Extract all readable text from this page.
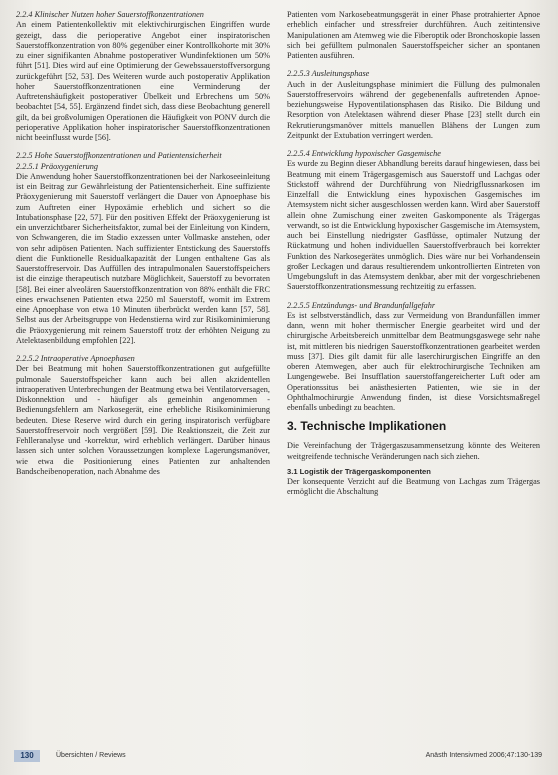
2.2.4 Klinischer Nutzen hoher Sauerstoffkonzentrationen

An einem Patientenkollektiv mit elektivchirurgischen Eingriffen wurde gezeigt, dass die perioperative Angebot einer inspiratorischen Sauerstoffkonzentration von 80% gegenüber einer Kontrollkohorte mit 30% zu einer signifikanten Abnahme postoperativer Wundinfektionen um 50% führt [51]. Dies wird auf eine Optimierung der Gewebssauerstoffversorgung zurückgeführt [52, 53]. Des Weiteren wurde auch postoperativ Applikation hoher Sauerstoffkonzentrationen eine Verminderung der Auftretenshäufigkeit postoperativer Übelkeit und Erbrechens um 50% beobachtet [54, 55]. Ergänzend findet sich, dass diese Beobachtung generell gilt, da bei großvolumigen Operationen die Häufigkeit von PONV durch die perioperative Applikation hoher inspiratorischer Sauerstoffkonzentrationen nicht beeinflusst wurde [56].

2.2.5 Hohe Sauerstoffkonzentrationen und Patientensicherheit

2.2.5.1 Präoxygenierung

Die Anwendung hoher Sauerstoffkonzentrationen bei der Narkoseeinleitung ist ein Beitrag zur Gewährleistung der Patientensicherheit. Eine suffiziente Präoxygenierung mit Sauerstoff verlängert die Dauer von Apnoephase bis zum Auftreten einer Hypoxämie erheblich und sichert so die Intubationsphase [22, 57]. Für den positiven Effekt der Präoxygenierung ist ein unverzichtbarer Sicherheitsfaktor, zumal bei der Einleitung von Kindern, von Schwangeren, die im Stadio exzessen unter Vollmaske anstehen, oder von sehr adipösen Patienten. Nach suffizienter Entstickung des Sauerstoffs dient die Funktionelle Residualkapazität der Lungen enthaltene Gas als Sauerstoffreservoir. Das Auffüllen des intrapulmonalen Sauerstoffspeichers ist die einzige therapeutisch nutzbare Möglichkeit, Sauerstoff zu bevorraten [58]. Bei einer alveolären Sauerstoffkonzentration von 88% enthält die FRC eines erwachsenen Patienten etwa 2250 ml Sauerstoff, womit im Extrem eine Apnoephase von etwa 10 Minuten überbrückt werden kann [57, 58]. Selbst aus der Arbeitsgruppe von Hedenstierna wird zur Risikominimierung die Präoxygenierung mit reinem Sauerstoff trotz der erhöhten Neigung zu Atelektasenbildung empfohlen [22].

2.2.5.2 Intraoperative Apnoephasen

Der bei Beatmung mit hohen Sauerstoffkonzentrationen gut aufgefüllte pulmonale Sauerstoffspeicher kann auch bei allen akzidentellen intraoperativen Unterbrechungen der Beatmung etwa bei Ventilatorversagen, Diskonnektion und - häufiger als gemeinhin angenommen - Bedienungsfehlern am Narkosegerät, eine erhebliche Risikominimierung bedeuten. Diese Reserve wird durch ein gering inspiratorisch verfügbare Sauerstoffreservoir noch vergrößert [59]. Die Reaktionszeit, die Zeit zur Fehlleranalyse und -korrektur, wird erheblich verlängert. Darüber hinaus lassen sich unter solchen Voraussetzungen komplexe Lagerungsmanöver, wie etwa die Positionierung eines Patienten zur anhaltenden Bandscheibenoperation, nach Abnahme des

Patienten vom Narkosebeatmungsgerät in einer Phase protrahierter Apnoe erheblich einfacher und stressfreier durchführen. Auch zeitintensive Manipulationen am Atemweg wie die Fiberoptik oder Bronchoskopie lassen sich bei gefülltem pulmonalen Sauerstoffspeicher sicher an spontanen Patienten ausführen.

2.2.5.3 Ausleitungsphase

Auch in der Ausleitungsphase minimiert die Füllung des pulmonalen Sauerstoffreservoirs während der gegebenenfalls auftretenden Apnoe- beziehungsweise Hypoventilationsphasen das Risiko. Die Bildung und Resorption von Atelektasen während dieser Phase [23] stellt durch ein Rekrutierungsmanöver mittels manuellen Blähens der Lungen zum Zeitpunkt der Extubation verringert werden.

2.2.5.4 Entwicklung hypoxischer Gasgemische

Es wurde zu Beginn dieser Abhandlung bereits darauf hingewiesen, dass bei Beatmung mit einem Trägergasgemisch aus Sauerstoff und Lachgas oder Stickstoff während der Durchführung von Niedrigflussnarkosen im Einzelfall die Entwicklung eines hypoxischen Gasgemisches im Atemsystem nicht sicher ausgeschlossen werden kann. Wird aber Sauerstoff allein ohne Zumischung einer zweiten Gaskomponente als Trägergas verwandt, so ist die Entwicklung hypoxischer Gasgemische im Atemsystem, auch bei Einstellung niedrigster Gasflüsse, optimaler Nutzung der Rückatmung und hohen individuellen Sauerstoffverbrauch bei korrekter Funktion des Narkosegerätes unmöglich. Dies wäre nur bei Vorhandensein großer Leckagen und daraus resultierendem unkontrollierten Eintreten von Umgebungsluft in das Atemsystem denkbar, aber mit der vorgeschriebenen Sauerstoffkonzentrationsmessung rechtzeitig zu erfassen.

2.2.5.5 Entzündungs- und Brandunfallgefahr

Es ist selbstverständlich, dass zur Vermeidung von Brandunfällen immer dann, wenn mit hoher thermischer Energie gearbeitet wird und der chirurgische Arbeitsbereich unmittelbar dem Beatmungsgaswege sehr nahe ist, mit mittleren bis niedrigen Sauerstoffkonzentrationen gearbeitet werden muss [37]. Dies gilt damit für alle laserchirurgischen Eingriffe an den oberen Atemwegen, aber auch für elektrochirurgische Techniken am Lungengewebe. Bei Insufflation sauerstoffangereicherter Luft oder am Operationssitus bei anästhesierten Patienten, wie sie in der Ophthalmochirurgie Anwendung finden, ist diese Vorsichtsmaßregel ebenfalls unbedingt zu beachten.

3. Technische Implikationen

Die Vereinfachung der Trägergaszusammensetzung könnte des Weiteren weitgreifende technische Veränderungen nach sich ziehen.

3.1 Logistik der Trägergaskomponenten

Der konsequente Verzicht auf die Beatmung von Lachgas zum Trägergas ermöglicht die Abschaltung

130	Übersichten / Reviews	Anästh Intensivmed 2006;47:130-139
